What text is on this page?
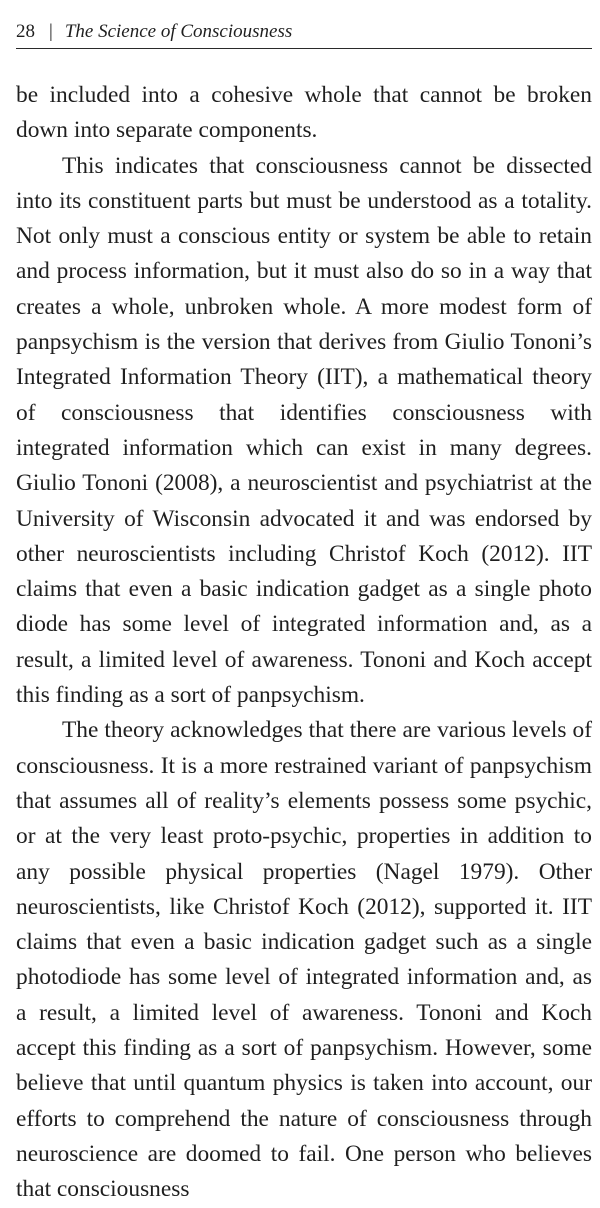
28 | The Science of Consciousness

be included into a cohesive whole that cannot be broken down into separate components.

This indicates that consciousness cannot be dissected into its constituent parts but must be understood as a totality. Not only must a conscious entity or system be able to retain and process information, but it must also do so in a way that creates a whole, unbroken whole. A more modest form of panpsychism is the version that derives from Giulio Tononi’s Integrated Information Theory (IIT), a mathematical theory of consciousness that identifies consciousness with integrated information which can exist in many degrees. Giulio Tononi (2008), a neuroscientist and psychiatrist at the University of Wisconsin advocated it and was endorsed by other neuroscientists including Christof Koch (2012). IIT claims that even a basic indication gadget as a single photo diode has some level of integrated information and, as a result, a limited level of awareness. Tononi and Koch accept this finding as a sort of panpsychism.

The theory acknowledges that there are various levels of consciousness. It is a more restrained variant of panpsychism that assumes all of reality’s elements possess some psychic, or at the very least proto-psychic, properties in addition to any possible physical properties (Nagel 1979). Other neuroscientists, like Christof Koch (2012), supported it. IIT claims that even a basic indication gadget such as a single photodiode has some level of integrated information and, as a result, a limited level of awareness. Tononi and Koch accept this finding as a sort of panpsychism. However, some believe that until quantum physics is taken into account, our efforts to comprehend the nature of consciousness through neuroscience are doomed to fail. One person who believes that consciousness
